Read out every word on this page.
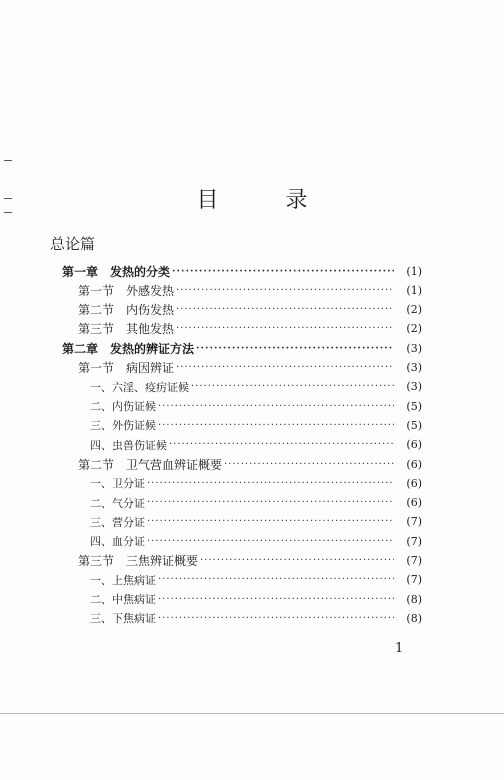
目 录
总论篇
第一章　发热的分类 ·····	(1)
第一节　外感发热 ·····	(1)
第二节　内伤发热 ·····	(2)
第三节　其他发热 ·····	(2)
第二章　发热的辨证方法 ·····	(3)
第一节　病因辨证 ·····	(3)
一、六淫、疫疠证候 ·····	(3)
二、内伤证候 ·····	(5)
三、外伤证候 ·····	(5)
四、虫兽伤证候 ·····	(6)
第二节　卫气营血辨证概要 ·····	(6)
一、卫分证 ·····	(6)
二、气分证 ·····	(6)
三、营分证 ·····	(7)
四、血分证 ·····	(7)
第三节　三焦辨证概要 ·····	(7)
一、上焦病证 ·····	(7)
二、中焦病证 ·····	(8)
三、下焦病证 ·····	(8)
1
